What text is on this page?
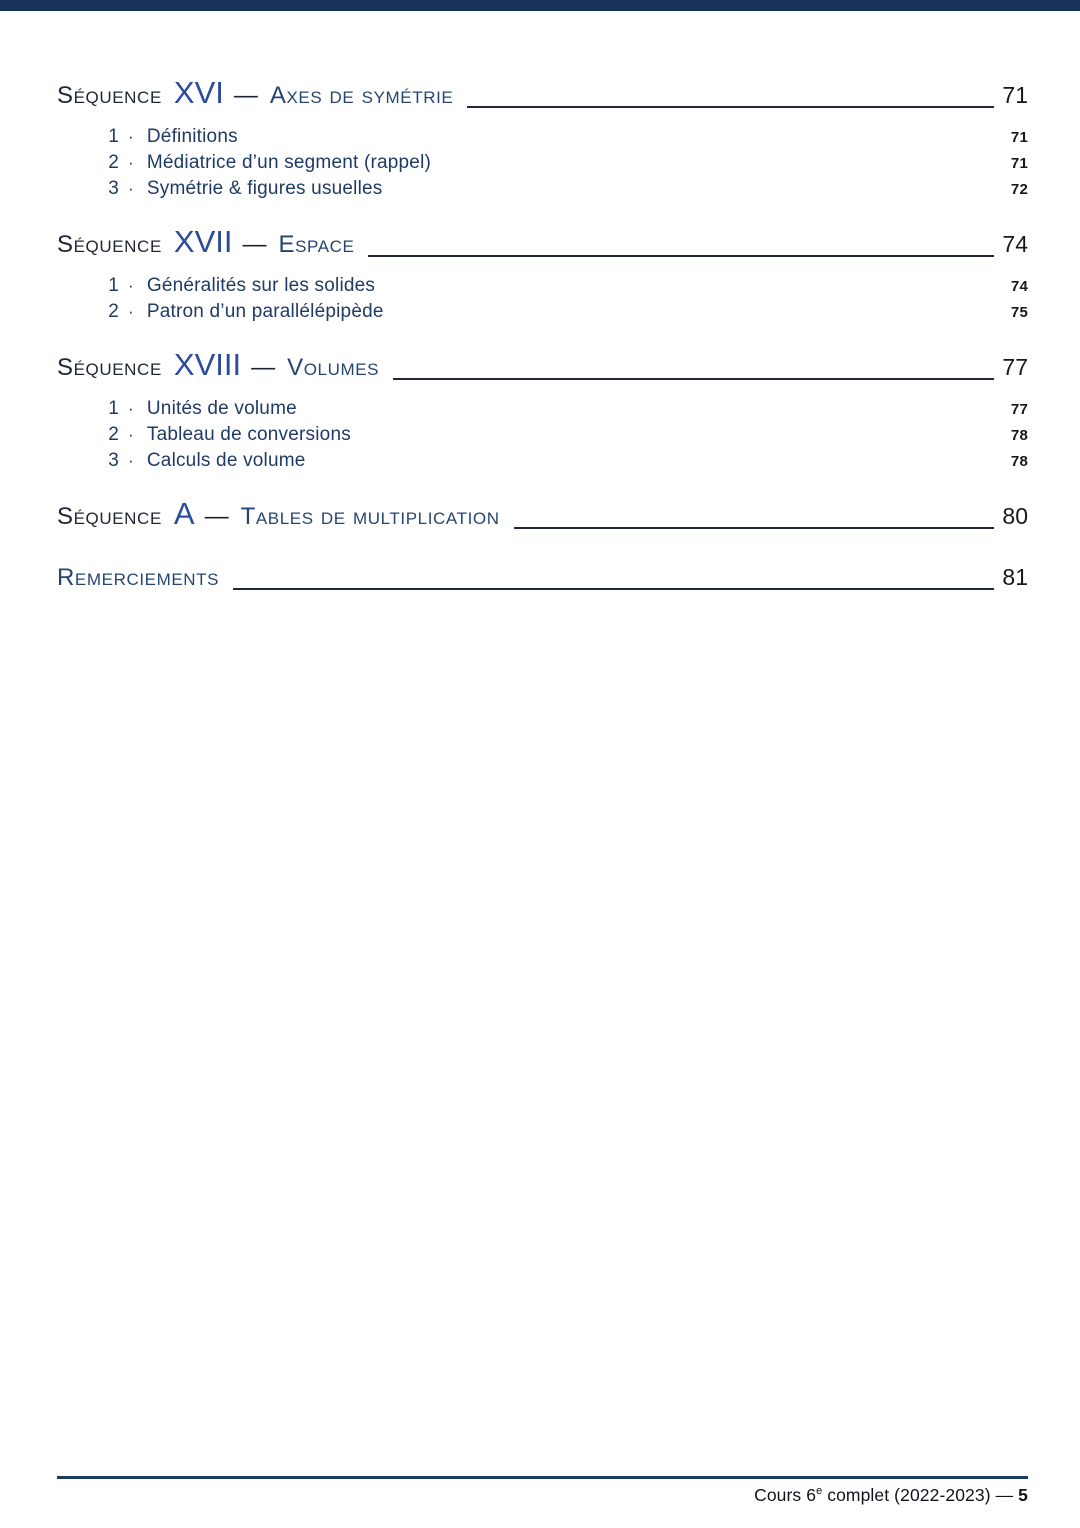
Séquence XVI — Axes de symétrie	71
1 · Définitions	71
2 · Médiatrice d’un segment (rappel)	71
3 · Symétrie & figures usuelles	72
Séquence XVII — Espace	74
1 · Généralités sur les solides	74
2 · Patron d’un parallélépipède	75
Séquence XVIII — Volumes	77
1 · Unités de volume	77
2 · Tableau de conversions	78
3 · Calculs de volume	78
Séquence A — Tables de multiplication	80
Remerciements	81
Cours 6e complet (2022-2023) — 5
